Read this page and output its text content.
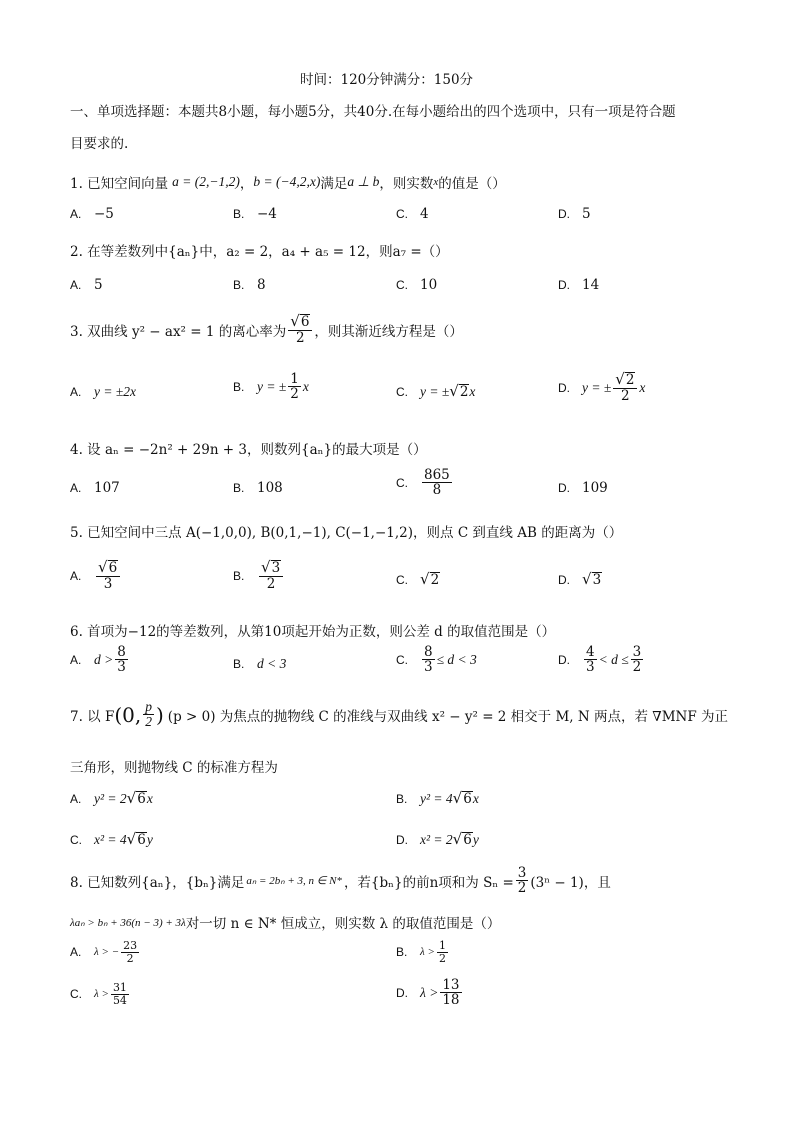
时间：120分钟满分：150分
一、单项选择题：本题共8小题，每小题5分，共40分.在每小题给出的四个选项中，只有一项是符合题
目要求的.
1. 已知空间向量 a = (2,−1,2) ， b = (−4,2,x) 满足 a ⊥ b ，则实数 x 的值是（）
A. −5	B. −4	C. 4	D. 5
2. 在等差数列中{aₙ}中，a₂ = 2，a₄ + a₅ = 12，则a₇ =（）
A. 5	B. 8	C. 10	D. 14
3. 双曲线 y² − ax² = 1 的离心率为 $\frac{√ 6}{2}$ ，则其渐近线方程是（）
A. y = ±2x	B. y = ± $\frac{1}{2}$ x	C. y = ± √ 2 x	D. y = ± $\frac{√ 2}{2}$ x
4. 设 aₙ = −2n² + 29n + 3，则数列{aₙ}的最大项是（）
A. 107	B. 108	C.	$\frac{865}{8}$	D. 109
5. 已知空间中三点 A(−1,0,0), B(0,1,−1), C(−1,−1,2)，则点 C 到直线 AB 的距离为（）
A. $\frac{√ 6}{3}$	B. $\frac{√ 3}{2}$	C. √ 2	D. √ 3
6. 首项为−12的等差数列，从第10项起开始为正数，则公差 d 的取值范围是（）
A. $d > \frac{8}{3}$	B. d < 3	C.	$\frac{8}{3} \le d < 3$	D.	$\frac{4}{3} < d \le \frac{3}{2}$
7. 以 F (0, $\frac{p}{2}$ ) (p > 0) 为焦点的抛物线 C 的准线与双曲线 x² − y² = 2 相交于 M, N 两点，若 ∇MNF 为正
三角形，则抛物线 C 的标准方程为
A. y² = 2 √ 6 x	B. y² = 4 √ 6 x
C. x² = 4 √ 6 y	D. x² = 2 √ 6 y
8. 已知数列{aₙ}，{bₙ}满足 aₙ = 2bₙ + 3, n ∈ N* ，若{bₙ}的前n项和为 $S_n = \frac{3}{2} (3^n - 1)$，且
λaₙ > bₙ + 36(n − 3) + 3λ 对一切 n ∈ N* 恒成立，则实数 λ 的取值范围是（）
A.	λ > − $\frac{23}{2}$	B.	$\lambda > \frac{1}{2}$
C.	$\lambda > \frac{31}{54}$	D. $\lambda > \frac{13}{18}$
